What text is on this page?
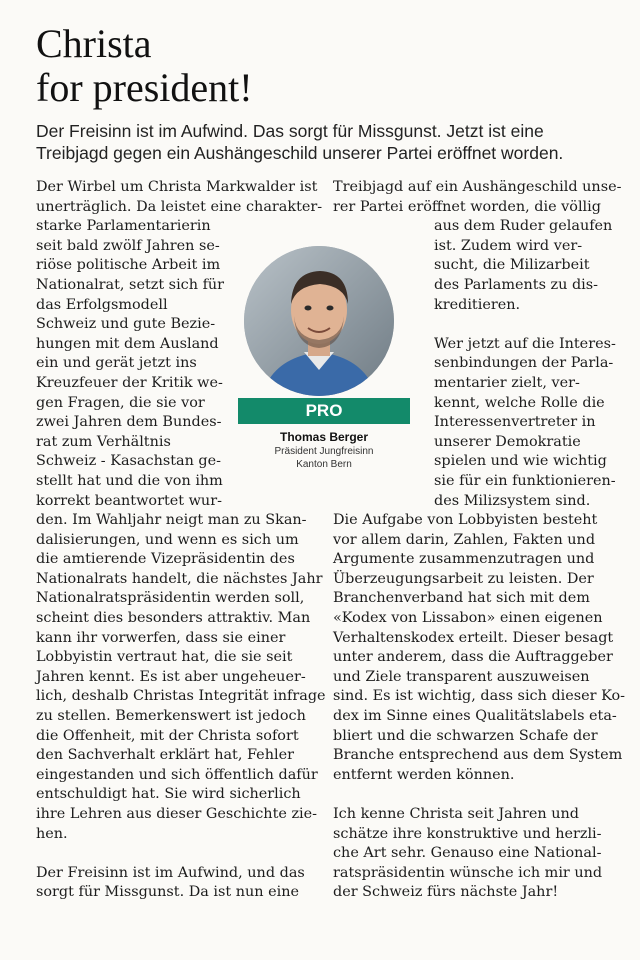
Christa
for president!
Der Freisinn ist im Aufwind. Das sorgt für Missgunst. Jetzt ist eine
Treibjagd gegen ein Aushängeschild unserer Partei eröffnet worden.
Der Wirbel um Christa Markwalder ist
unerträglich. Da leistet eine charakter-
starke Parlamentarierin
seit bald zwölf Jahren se-
riöse politische Arbeit im
Nationalrat, setzt sich für
das Erfolgsmodell
Schweiz und gute Bezie-
hungen mit dem Ausland
ein und gerät jetzt ins
Kreuzfeuer der Kritik we-
gen Fragen, die sie vor
zwei Jahren dem Bundes-
rat zum Verhältnis
Schweiz - Kasachstan ge-
stellt hat und die von ihm
korrekt beantwortet wur-
den. Im Wahljahr neigt man zu Skan-
dalisierungen, und wenn es sich um
die amtierende Vizepräsidentin des
Nationalrats handelt, die nächstes Jahr
Nationalratspräsidentin werden soll,
scheint dies besonders attraktiv. Man
kann ihr vorwerfen, dass sie einer
Lobbyistin vertraut hat, die sie seit
Jahren kennt. Es ist aber ungeheuer-
lich, deshalb Christas Integrität infrage
zu stellen. Bemerkenswert ist jedoch
die Offenheit, mit der Christa sofort
den Sachverhalt erklärt hat, Fehler
eingestanden und sich öffentlich dafür
entschuldigt hat. Sie wird sicherlich
ihre Lehren aus dieser Geschichte zie-
hen.
Der Freisinn ist im Aufwind, und das
sorgt für Missgunst. Da ist nun eine
Treibjagd auf ein Aushängeschild unse-
rer Partei eröffnet worden, die völlig
aus dem Ruder gelaufen
ist. Zudem wird ver-
sucht, die Milizarbeit
des Parlaments zu dis-
kreditieren.
Wer jetzt auf die Interes-
senbindungen der Parla-
mentarier zielt, ver-
kennt, welche Rolle die
Interessenvertreter in
unserer Demokratie
spielen und wie wichtig
sie für ein funktionieren-
des Milizsystem sind.
Die Aufgabe von Lobbyisten besteht
vor allem darin, Zahlen, Fakten und
Argumente zusammenzutragen und
Überzeugungsarbeit zu leisten. Der
Branchenverband hat sich mit dem
«Kodex von Lissabon» einen eigenen
Verhaltenskodex erteilt. Dieser besagt
unter anderem, dass die Auftraggeber
und Ziele transparent auszuweisen
sind. Es ist wichtig, dass sich dieser Ko-
dex im Sinne eines Qualitätslabels eta-
bliert und die schwarzen Schafe der
Branche entsprechend aus dem System
entfernt werden können.
Ich kenne Christa seit Jahren und
schätze ihre konstruktive und herzli-
che Art sehr. Genauso eine National-
ratspräsidentin wünsche ich mir und
der Schweiz fürs nächste Jahr!
PRO
Thomas Berger
Präsident Jungfreisinn
Kanton Bern
